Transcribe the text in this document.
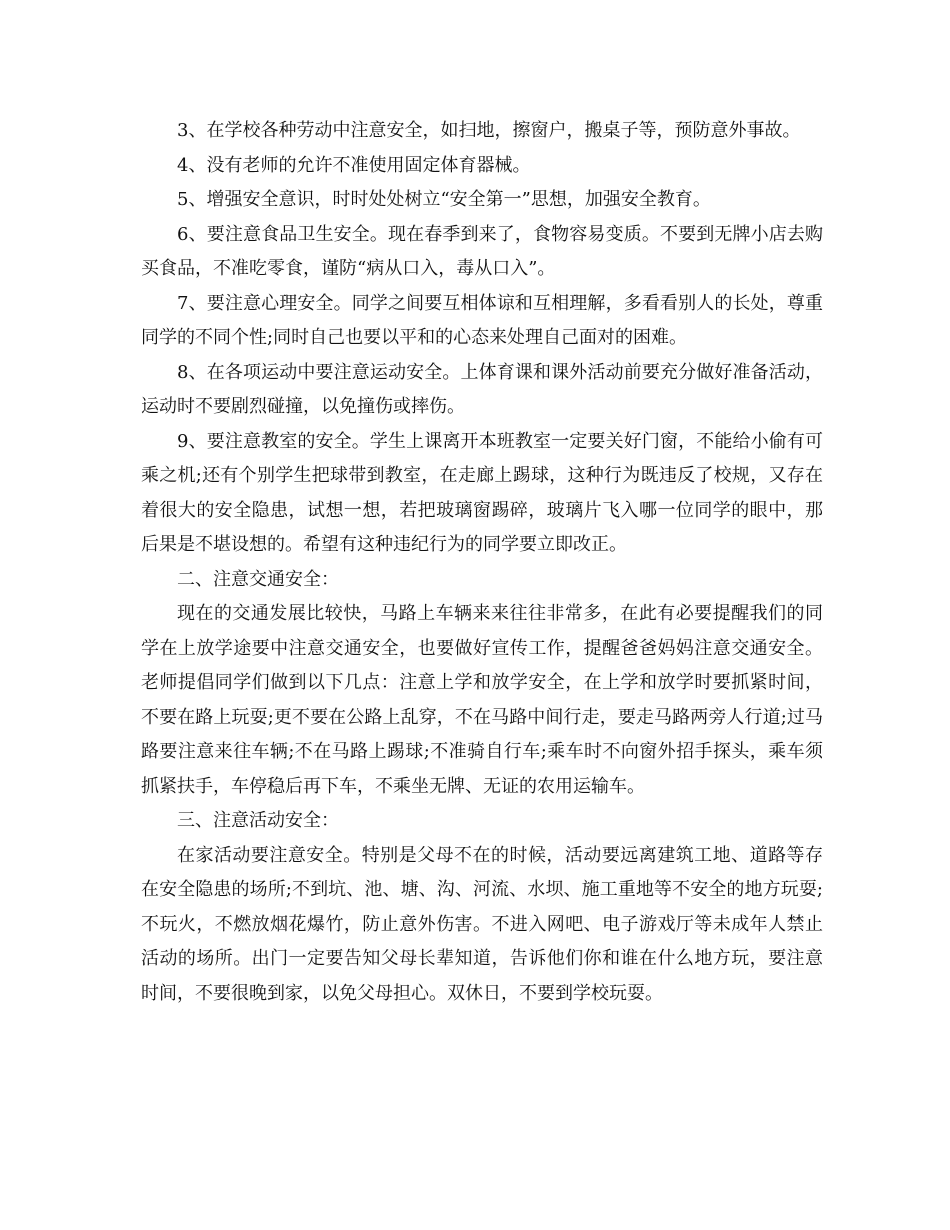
3、在学校各种劳动中注意安全，如扫地，擦窗户，搬桌子等，预防意外事故。

4、没有老师的允许不准使用固定体育器械。

5、增强安全意识，时时处处树立“安全第一”思想，加强安全教育。

6、要注意食品卫生安全。现在春季到来了，食物容易变质。不要到无牌小店去购买食品，不准吃零食，谨防“病从口入，毒从口入”。

7、要注意心理安全。同学之间要互相体谅和互相理解，多看看别人的长处，尊重同学的不同个性;同时自己也要以平和的心态来处理自己面对的困难。

8、在各项运动中要注意运动安全。上体育课和课外活动前要充分做好准备活动，运动时不要剧烈碰撞，以免撞伤或摔伤。

9、要注意教室的安全。学生上课离开本班教室一定要关好门窗，不能给小偷有可乘之机;还有个别学生把球带到教室，在走廊上踢球，这种行为既违反了校规，又存在着很大的安全隐患，试想一想，若把玻璃窗踢碎，玻璃片飞入哪一位同学的眼中，那后果是不堪设想的。希望有这种违纪行为的同学要立即改正。

二、注意交通安全：

现在的交通发展比较快，马路上车辆来来往往非常多，在此有必要提醒我们的同学在上放学途要中注意交通安全，也要做好宣传工作，提醒爸爸妈妈注意交通安全。老师提倡同学们做到以下几点：注意上学和放学安全，在上学和放学时要抓紧时间，不要在路上玩耍;更不要在公路上乱穿，不在马路中间行走，要走马路两旁人行道;过马路要注意来往车辆;不在马路上踢球;不准骑自行车;乘车时不向窗外招手探头，乘车须抓紧扶手，车停稳后再下车，不乘坐无牌、无证的农用运输车。

三、注意活动安全：

在家活动要注意安全。特别是父母不在的时候，活动要远离建筑工地、道路等存在安全隐患的场所;不到坑、池、塘、沟、河流、水坝、施工重地等不安全的地方玩耍;不玩火，不燃放烟花爆竹，防止意外伤害。不进入网吧、电子游戏厅等未成年人禁止活动的场所。出门一定要告知父母长辈知道，告诉他们你和谁在什么地方玩，要注意时间，不要很晚到家，以免父母担心。双休日，不要到学校玩耍。
